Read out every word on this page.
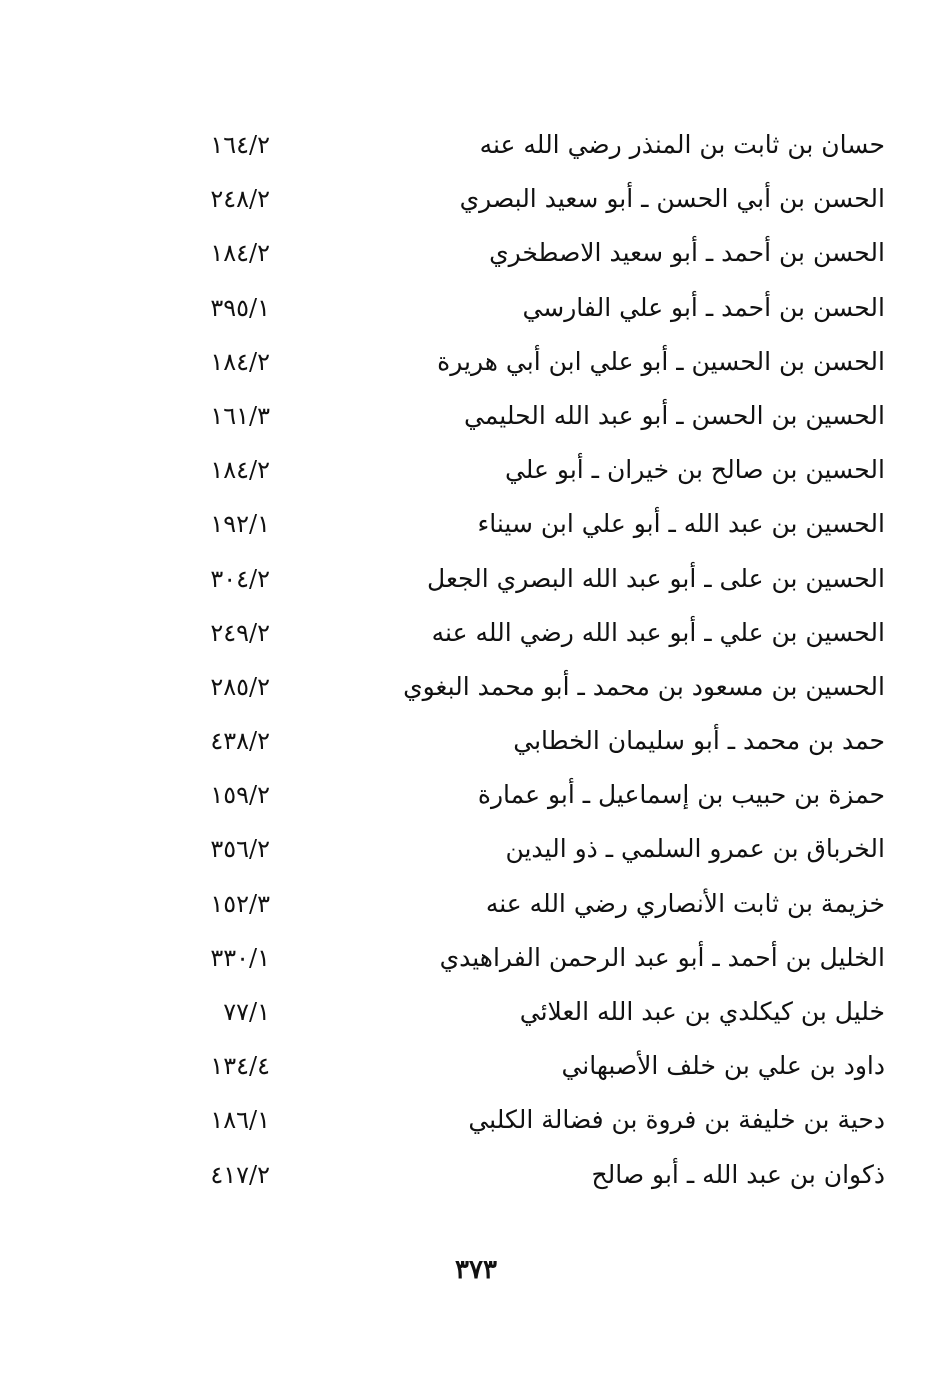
حسان بن ثابت بن المنذر رضي الله عنه
١٦٤/٢
الحسن بن أبي الحسن ـ أبو سعيد البصري
٢٤٨/٢
الحسن بن أحمد ـ أبو سعيد الاصطخري
١٨٤/٢
الحسن بن أحمد ـ أبو علي الفارسي
٣٩٥/١
الحسن بن الحسين ـ أبو علي ابن أبي هريرة
١٨٤/٢
الحسين بن الحسن ـ أبو عبد الله الحليمي
١٦١/٣
الحسين بن صالح بن خيران ـ أبو علي
١٨٤/٢
الحسين بن عبد الله ـ أبو علي ابن سيناء
١٩٢/١
الحسين بن على ـ أبو عبد الله البصري الجعل
٣٠٤/٢
الحسين بن علي ـ أبو عبد الله رضي الله عنه
٢٤٩/٢
الحسين بن مسعود بن محمد ـ أبو محمد البغوي
٢٨٥/٢
حمد بن محمد ـ أبو سليمان الخطابي
٤٣٨/٢
حمزة بن حبيب بن إسماعيل ـ أبو عمارة
١٥٩/٢
الخرباق بن عمرو السلمي ـ ذو اليدين
٣٥٦/٢
خزيمة بن ثابت الأنصاري رضي الله عنه
١٥٢/٣
الخليل بن أحمد ـ أبو عبد الرحمن الفراهيدي
٣٣٠/١
خليل بن كيكلدي بن عبد الله العلائي
٧٧/١
داود بن علي بن خلف الأصبهاني
١٣٤/٤
دحية بن خليفة بن فروة بن فضالة الكلبي
١٨٦/١
ذكوان بن عبد الله ـ أبو صالح
٤١٧/٢
٣٧٣
